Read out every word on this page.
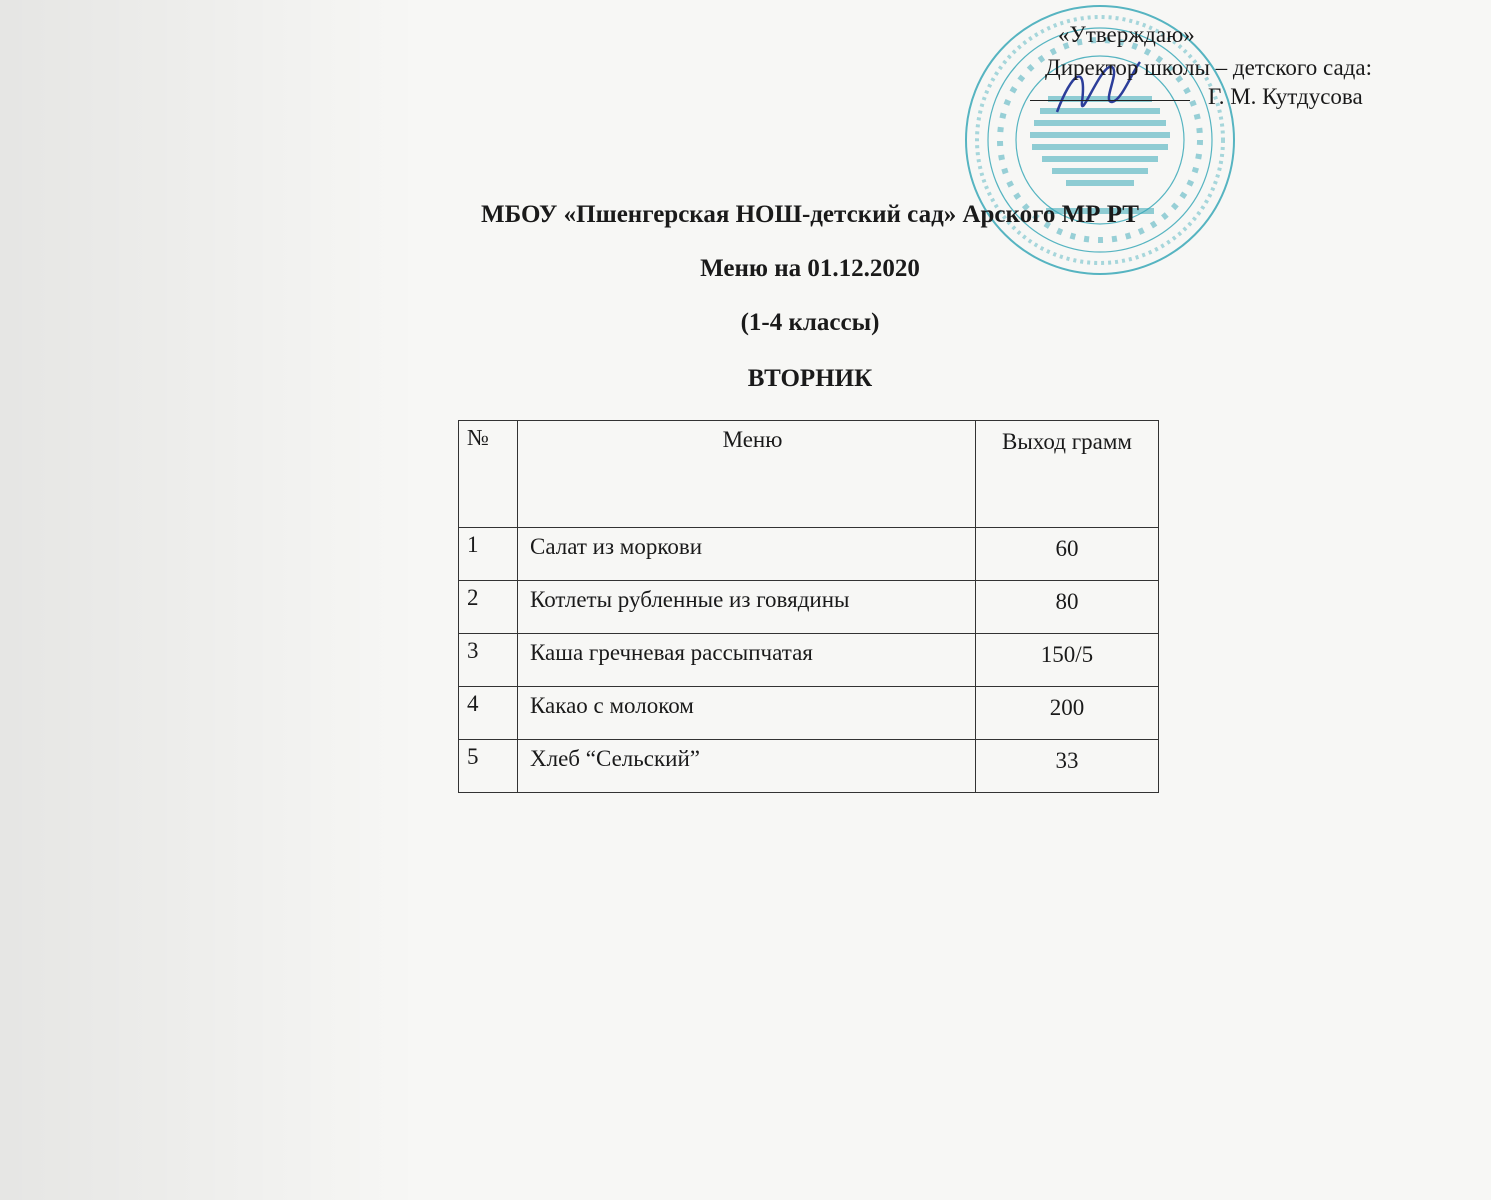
«Утверждаю»
Директор школы – детского сада:
Г. М. Кутдусова
МБОУ «Пшенгерская НОШ-детский сад» Арского МР РТ
Меню на 01.12.2020
(1-4 классы)
ВТОРНИК
№	Меню	Выход грамм
1	Салат из моркови	60
2	Котлеты рубленные из говядины	80
3	Каша гречневая рассыпчатая	150/5
4	Какао с молоком	200
5	Хлеб “Сельский”	33
